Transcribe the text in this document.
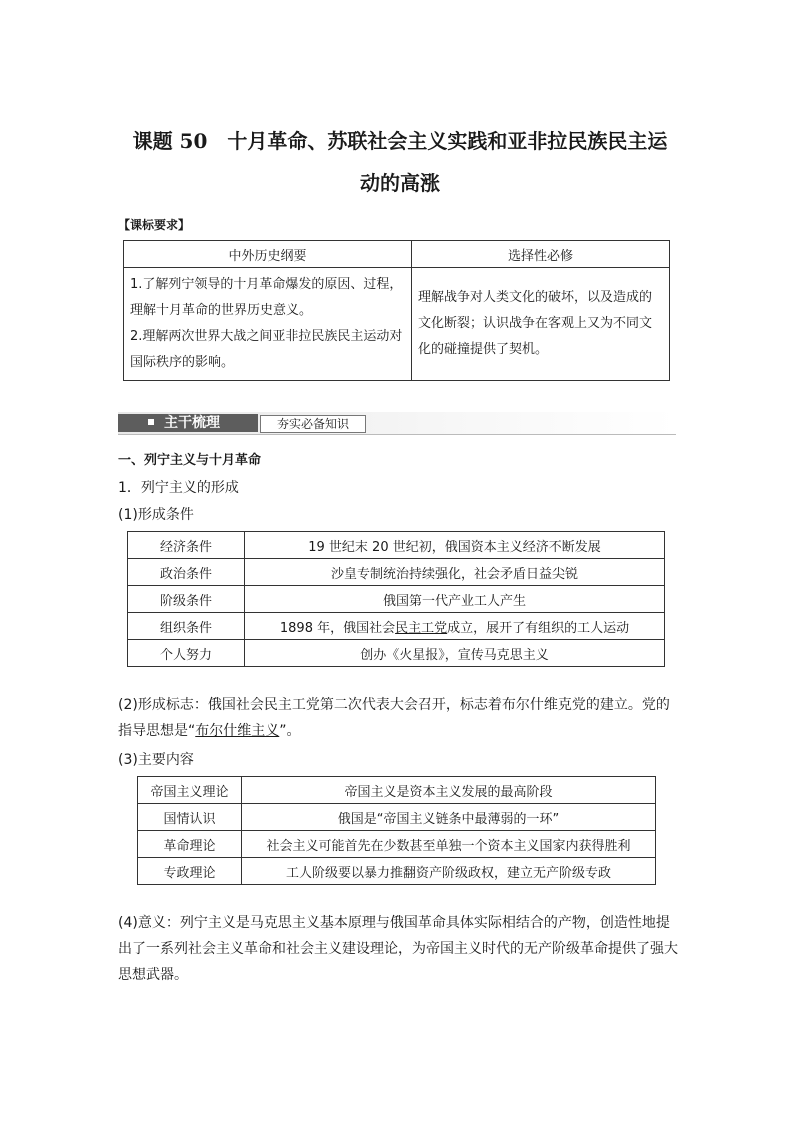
课题 50　十月革命、苏联社会主义实践和亚非拉民族民主运
动的高涨
【课标要求】
中外历史纲要	选择性必修

1.了解列宁领导的十月革命爆发的原因、过程，理解十月革命的世界历史意义。
2.理解两次世界大战之间亚非拉民族民主运动对国际秩序的影响。	理解战争对人类文化的破坏，以及造成的文化断裂；认识战争在客观上又为不同文化的碰撞提供了契机。
主干梳理	夯实必备知识
一、列宁主义与十月革命
1．列宁主义的形成
(1)形成条件
经济条件	19 世纪末 20 世纪初，俄国资本主义经济不断发展
政治条件	沙皇专制统治持续强化，社会矛盾日益尖锐
阶级条件	俄国第一代产业工人产生
组织条件	1898 年，俄国社会民主工党成立，展开了有组织的工人运动
个人努力	创办《火星报》，宣传马克思主义
(2)形成标志：俄国社会民主工党第二次代表大会召开，标志着布尔什维克党的建立。党的指导思想是“布尔什维主义”。
(3)主要内容
帝国主义理论	帝国主义是资本主义发展的最高阶段
国情认识	俄国是“帝国主义链条中最薄弱的一环”
革命理论	社会主义可能首先在少数甚至单独一个资本主义国家内获得胜利
专政理论	工人阶级要以暴力推翻资产阶级政权，建立无产阶级专政
(4)意义：列宁主义是马克思主义基本原理与俄国革命具体实际相结合的产物，创造性地提出了一系列社会主义革命和社会主义建设理论，为帝国主义时代的无产阶级革命提供了强大思想武器。
